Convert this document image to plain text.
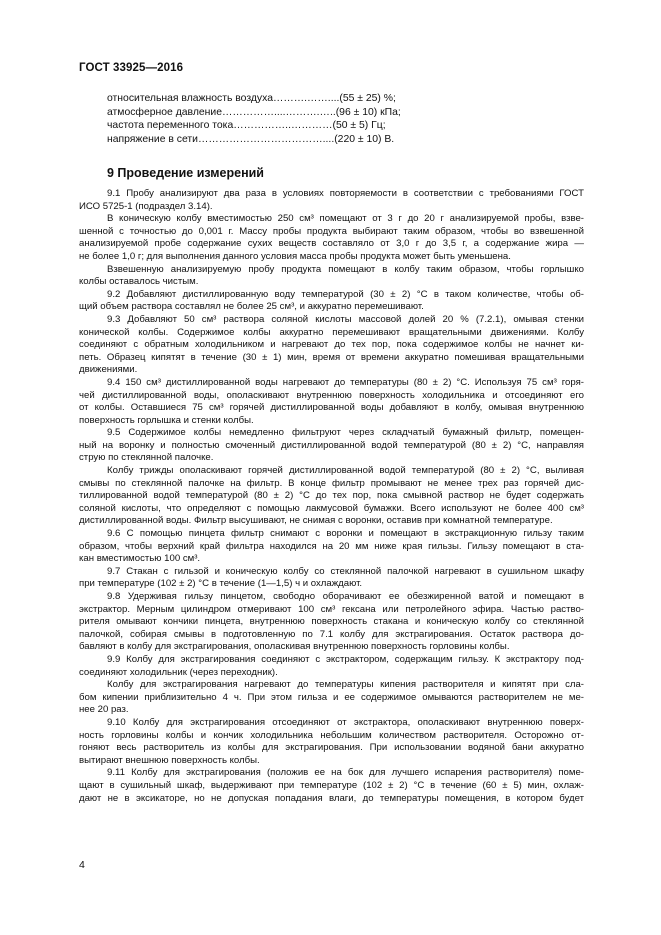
ГОСТ 33925—2016
относительная влажность воздуха……….……....(55 ± 25) %;
атмосферное давление……………....……….…..(96 ± 10) кПа;
частота переменного тока……………..…………(50 ± 5) Гц;
напряжение в сети………………………………....(220 ± 10) В.
9 Проведение измерений
9.1 Пробу анализируют два раза в условиях повторяемости в соответствии с требованиями ГОСТ
ИСО 5725-1 (подраздел 3.14).
В коническую колбу вместимостью 250 см³ помещают от 3 г до 20 г анализируемой пробы, взве-
шенной с точностью до 0,001 г. Массу пробы продукта выбирают таким образом, чтобы во взвешенной
анализируемой пробе содержание сухих веществ составляло от 3,0 г до 3,5 г, а содержание жира —
не более 1,0 г; для выполнения данного условия масса пробы продукта может быть уменьшена.
Взвешенную анализируемую пробу продукта помещают в колбу таким образом, чтобы горлышко
колбы оставалось чистым.
9.2 Добавляют дистиллированную воду температурой (30 ± 2) °С в таком количестве, чтобы об-
щий объем раствора составлял не более 25 см³, и аккуратно перемешивают.
9.3 Добавляют 50 см³ раствора соляной кислоты массовой долей 20 % (7.2.1), омывая стенки
конической колбы. Содержимое колбы аккуратно перемешивают вращательными движениями. Колбу
соединяют с обратным холодильником и нагревают до тех пор, пока содержимое колбы не начнет ки-
петь. Образец кипятят в течение (30 ± 1) мин, время от времени аккуратно помешивая вращательными
движениями.
9.4 150 см³ дистиллированной воды нагревают до температуры (80 ± 2) °С. Используя 75 см³ горя-
чей дистиллированной воды, ополаскивают внутреннюю поверхность холодильника и отсоединяют его
от колбы. Оставшиеся 75 см³ горячей дистиллированной воды добавляют в колбу, омывая внутреннюю
поверхность горлышка и стенки колбы.
9.5 Содержимое колбы немедленно фильтруют через складчатый бумажный фильтр, помещен-
ный на воронку и полностью смоченный дистиллированной водой температурой (80 ± 2) °С, направляя
струю по стеклянной палочке.
Колбу трижды ополаскивают горячей дистиллированной водой температурой (80 ± 2) °С, выливая
смывы по стеклянной палочке на фильтр. В конце фильтр промывают не менее трех раз горячей дис-
тиллированной водой температурой (80 ± 2) °С до тех пор, пока смывной раствор не будет содержать
соляной кислоты, что определяют с помощью лакмусовой бумажки. Всего используют не более 400 см³
дистиллированной воды. Фильтр высушивают, не снимая с воронки, оставив при комнатной температуре.
9.6 С помощью пинцета фильтр снимают с воронки и помещают в экстракционную гильзу таким
образом, чтобы верхний край фильтра находился на 20 мм ниже края гильзы. Гильзу помещают в ста-
кан вместимостью 100 см³.
9.7 Стакан с гильзой и коническую колбу со стеклянной палочкой нагревают в сушильном шкафу
при температуре (102 ± 2) °С в течение (1—1,5) ч и охлаждают.
9.8 Удерживая гильзу пинцетом, свободно оборачивают ее обезжиренной ватой и помещают в
экстрактор. Мерным цилиндром отмеривают 100 см³ гексана или петролейного эфира. Частью раство-
рителя омывают кончики пинцета, внутреннюю поверхность стакана и коническую колбу со стеклянной
палочкой, собирая смывы в подготовленную по 7.1 колбу для экстрагирования. Остаток раствора до-
бавляют в колбу для экстрагирования, ополаскивая внутреннюю поверхность горловины колбы.
9.9 Колбу для экстрагирования соединяют с экстрактором, содержащим гильзу. К экстрактору под-
соединяют холодильник (через переходник).
Колбу для экстрагирования нагревают до температуры кипения растворителя и кипятят при сла-
бом кипении приблизительно 4 ч. При этом гильза и ее содержимое омываются растворителем не ме-
нее 20 раз.
9.10 Колбу для экстрагирования отсоединяют от экстрактора, ополаскивают внутреннюю поверх-
ность горловины колбы и кончик холодильника небольшим количеством растворителя. Осторожно от-
гоняют весь растворитель из колбы для экстрагирования. При использовании водяной бани аккуратно
вытирают внешнюю поверхность колбы.
9.11 Колбу для экстрагирования (положив ее на бок для лучшего испарения растворителя) поме-
щают в сушильный шкаф, выдерживают при температуре (102 ± 2) °С в течение (60 ± 5) мин, охлаж-
дают не в эксикаторе, но не допуская попадания влаги, до температуры помещения, в котором будет
4
